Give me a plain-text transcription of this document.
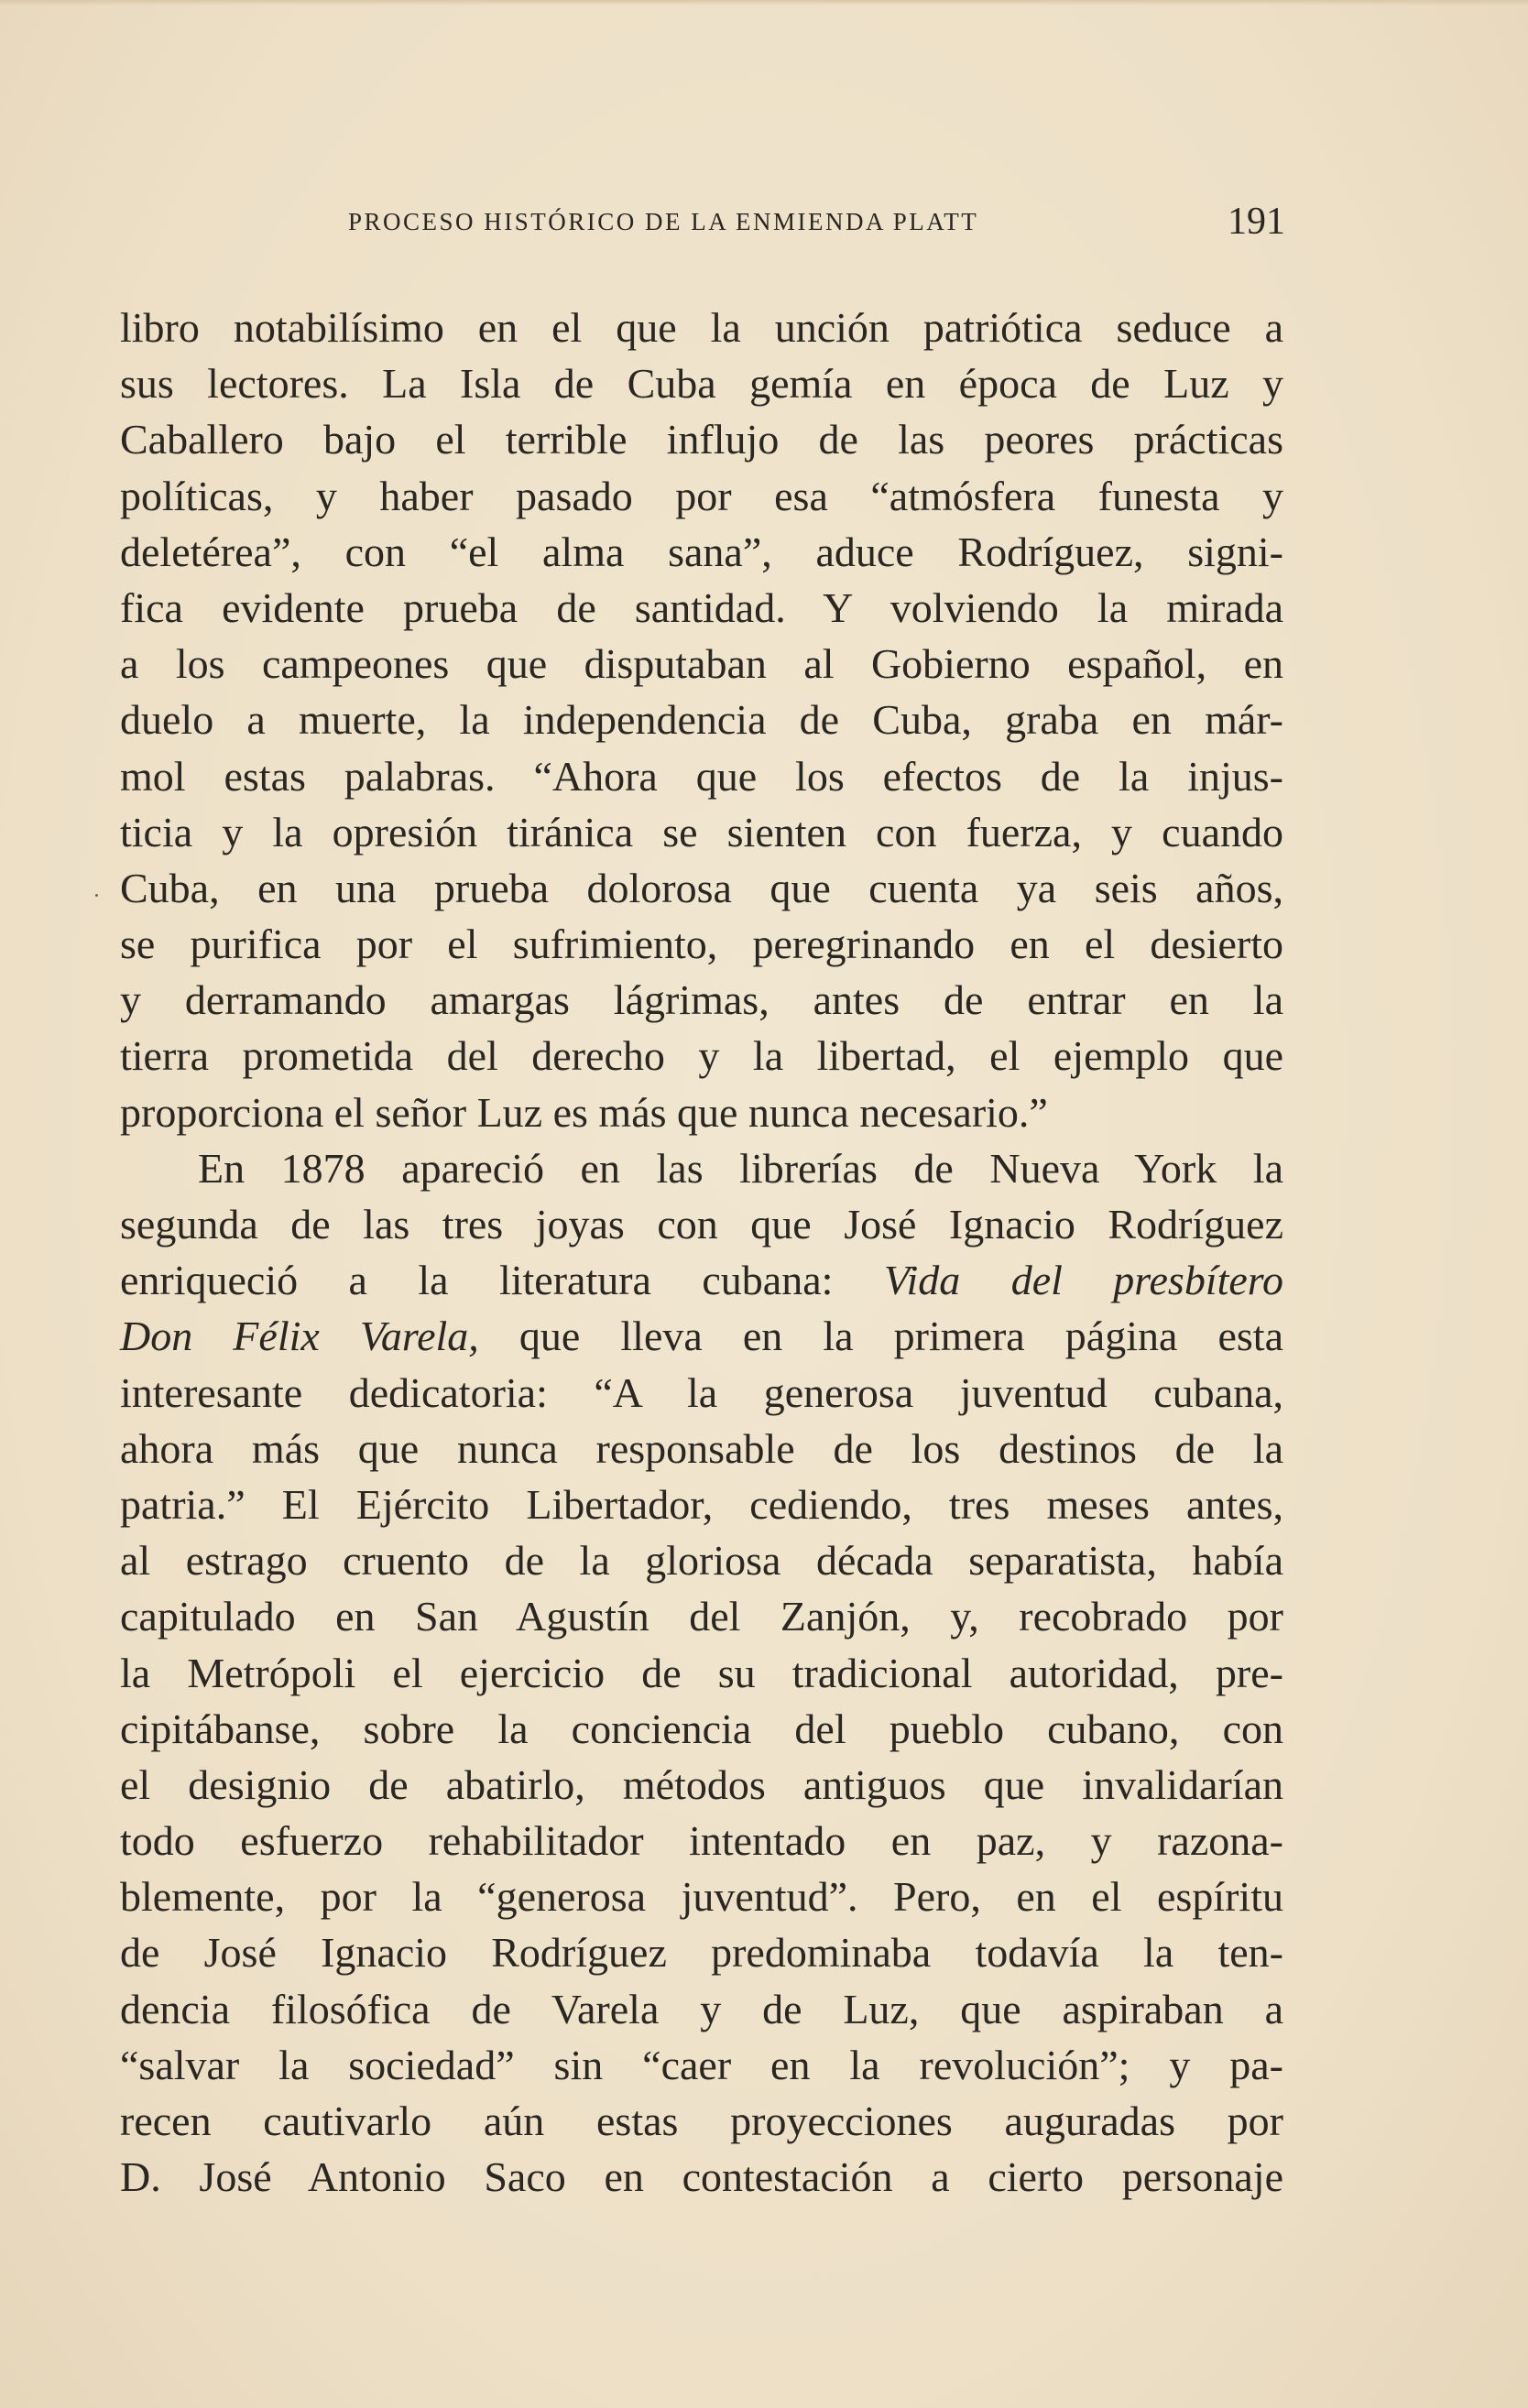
PROCESO HISTÓRICO DE LA ENMIENDA PLATT	191
libro notabilísimo en el que la unción patriótica seduce a
sus lectores. La Isla de Cuba gemía en época de Luz y
Caballero bajo el terrible influjo de las peores prácticas
políticas, y haber pasado por esa “atmósfera funesta y
deletérea”, con “el alma sana”, aduce Rodríguez, signi-
fica evidente prueba de santidad. Y volviendo la mirada
a los campeones que disputaban al Gobierno español, en
duelo a muerte, la independencia de Cuba, graba en már-
mol estas palabras. “Ahora que los efectos de la injus-
ticia y la opresión tiránica se sienten con fuerza, y cuando
Cuba, en una prueba dolorosa que cuenta ya seis años,
se purifica por el sufrimiento, peregrinando en el desierto
y derramando amargas lágrimas, antes de entrar en la
tierra prometida del derecho y la libertad, el ejemplo que
proporciona el señor Luz es más que nunca necesario.”
En 1878 apareció en las librerías de Nueva York la
segunda de las tres joyas con que José Ignacio Rodríguez
enriqueció a la literatura cubana: Vida del presbítero
Don Félix Varela, que lleva en la primera página esta
interesante dedicatoria: “A la generosa juventud cubana,
ahora más que nunca responsable de los destinos de la
patria.” El Ejército Libertador, cediendo, tres meses antes,
al estrago cruento de la gloriosa década separatista, había
capitulado en San Agustín del Zanjón, y, recobrado por
la Metrópoli el ejercicio de su tradicional autoridad, pre-
cipitábanse, sobre la conciencia del pueblo cubano, con
el designio de abatirlo, métodos antiguos que invalidarían
todo esfuerzo rehabilitador intentado en paz, y razona-
blemente, por la “generosa juventud”. Pero, en el espíritu
de José Ignacio Rodríguez predominaba todavía la ten-
dencia filosófica de Varela y de Luz, que aspiraban a
“salvar la sociedad” sin “caer en la revolución”; y pa-
recen cautivarlo aún estas proyecciones auguradas por
D. José Antonio Saco en contestación a cierto personaje
